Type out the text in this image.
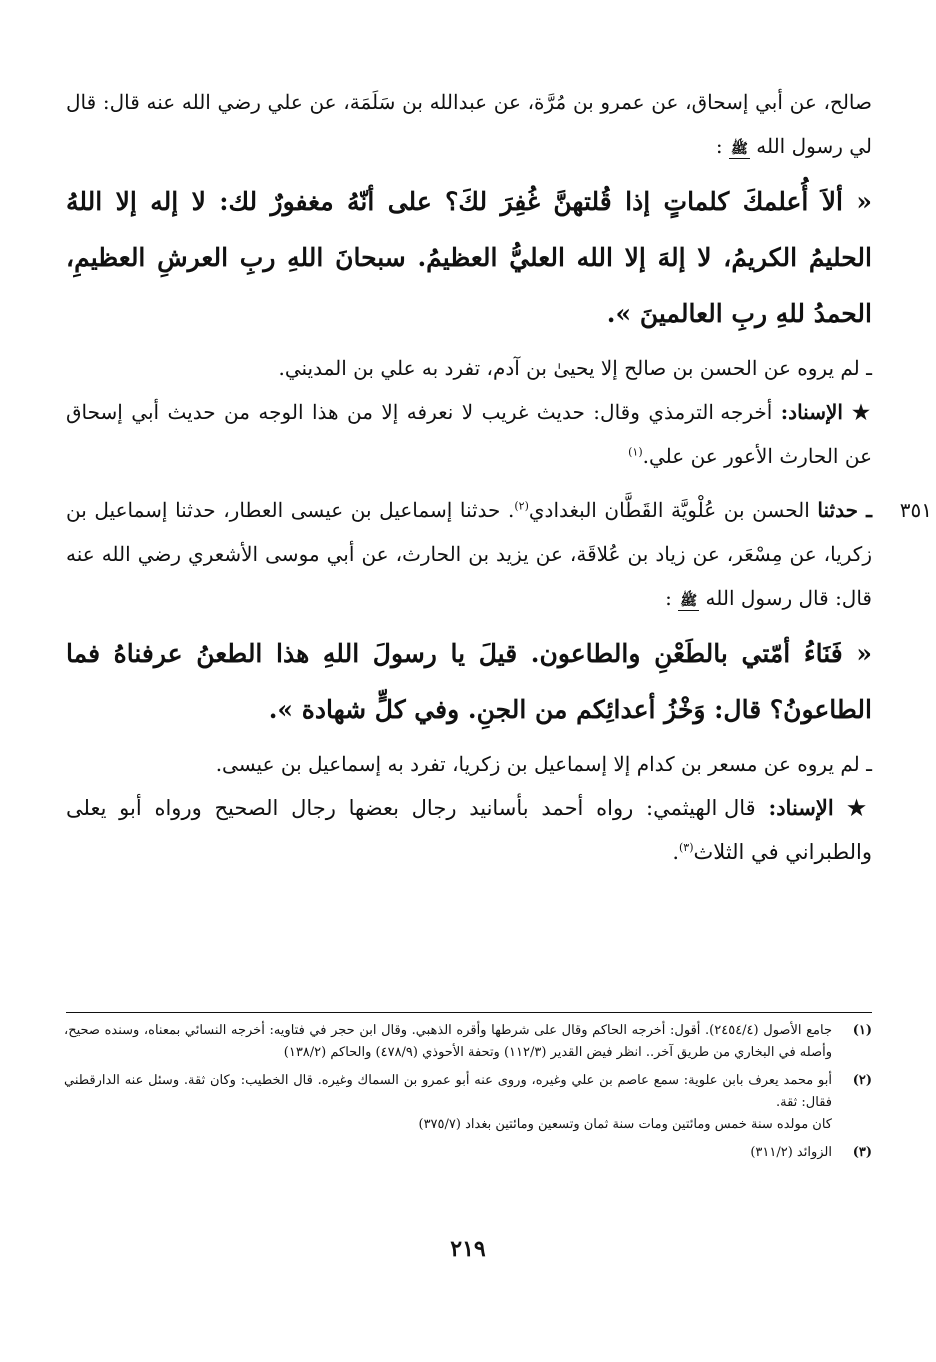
صالح، عن أبي إسحاق، عن عمرو بن مُرَّة، عن عبدالله بن سَلَمَة، عن علي رضي الله عنه قال: قال لي رسول الله ﷺ :

« ألاَ أُعلمكَ كلماتٍ إذا قُلتهنَّ غُفِرَ لكَ؟ على أنّهُ مغفورٌ لك: لا إله إلا اللهُ الحليمُ الكريمُ، لا إلهَ إلا الله العليُّ العظيمُ. سبحانَ اللهِ ربِ العرشِ العظيمِ، الحمدُ للهِ ربِ العالمينَ ».

ـ لم يروه عن الحسن بن صالح إلا يحيىٰ بن آدم، تفرد به علي بن المديني.

★ الإسناد: أخرجه الترمذي وقال: حديث غريب لا نعرفه إلا من هذا الوجه من حديث أبي إسحاق عن الحارث الأعور عن علي.$^{(١)}$

٣٥١

ـ حدثنا الحسن بن عُلْويَّة القَطَّان البغدادي$^{(٢)}$. حدثنا إسماعيل بن عيسى العطار، حدثنا إسماعيل بن زكريا، عن مِسْعَر، عن زياد بن عُلاقَة، عن يزيد بن الحارث، عن أبي موسى الأشعري رضي الله عنه قال: قال رسول الله ﷺ :

« فَنَاءُ أمّتي بالطَعْنِ والطاعون. قيلَ يا رسولَ اللهِ هذا الطعنُ عرفناهُ فما الطاعونُ؟ قال: وَخْزُ أعدائِكم من الجنِ. وفي كلٍّ شهادة ».

ـ لم يروه عن مسعر بن كدام إلا إسماعيل بن زكريا، تفرد به إسماعيل بن عيسى.

★ الإسناد: قال الهيثمي: رواه أحمد بأسانيد رجال بعضها رجال الصحيح ورواه أبو يعلى والطبراني في الثلاث$^{(٣)}$.

(١)

جامع الأصول (٢٤٥٤/٤). أقول: أخرجه الحاكم وقال على شرطها وأقره الذهبي. وقال ابن حجر في فتاويه: أخرجه النسائي بمعناه، وسنده صحيح، وأصله في البخاري من طريق آخر.. انظر فيض القدير (١١٢/٣) وتحفة الأحوذي (٤٧٨/٩) والحاكم (١٣٨/٢)

(٢)

أبو محمد يعرف بابن علوية: سمع عاصم بن علي وغيره، وروى عنه أبو عمرو بن السماك وغيره. قال الخطيب: وكان ثقة. وسئل عنه الدارقطني فقال: ثقة.

كان مولده سنة خمس ومائتين ومات سنة ثمان وتسعين ومائتين بغداد (٣٧٥/٧)

(٣)

الزوائد (٣١١/٢)

٢١٩
